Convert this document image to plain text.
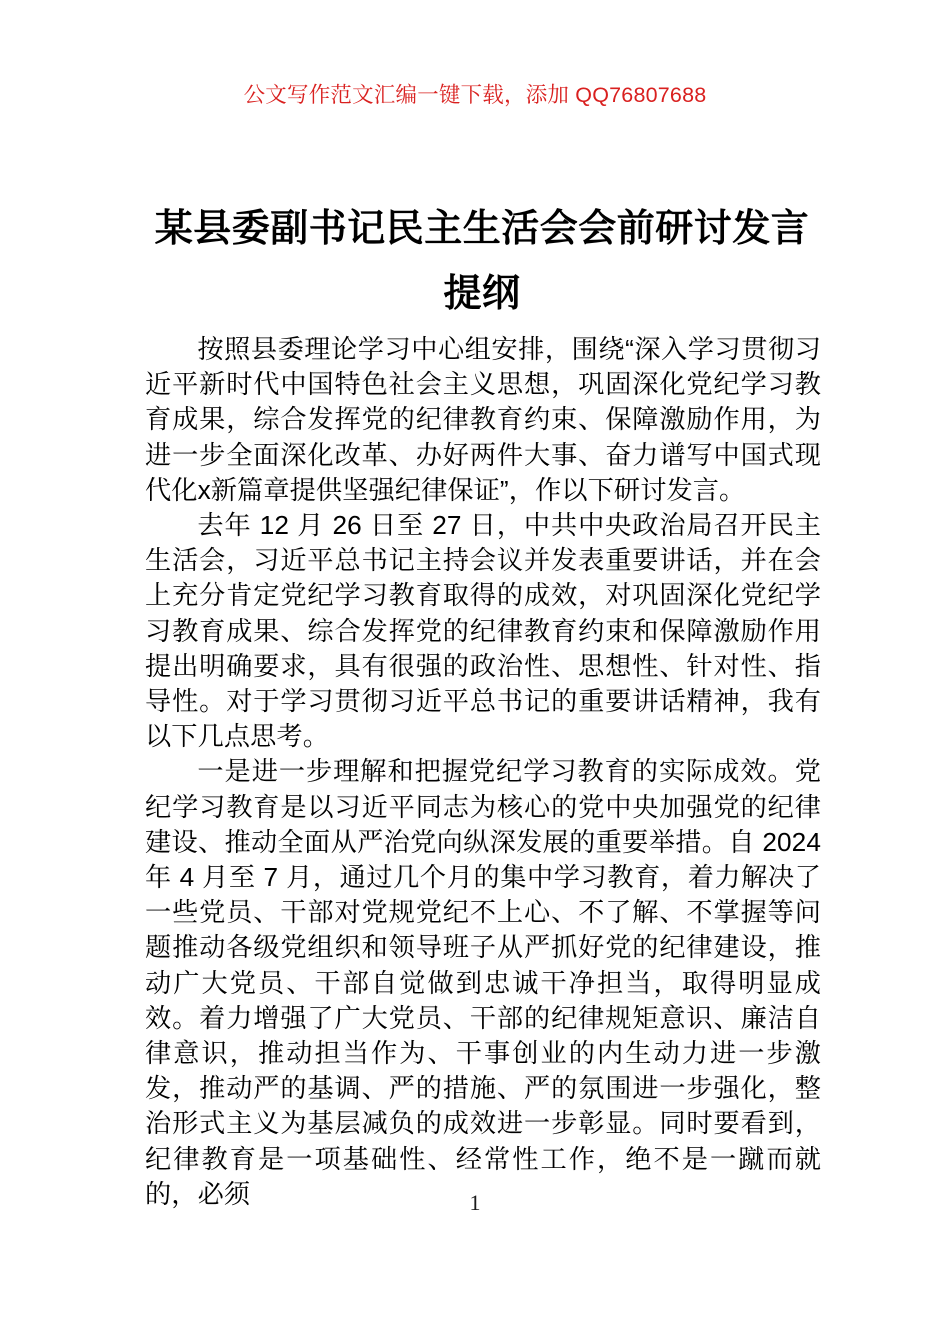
公文写作范文汇编一键下载，添加 QQ76807688
某县委副书记民主生活会会前研讨发言提纲

按照县委理论学习中心组安排，围绕“深入学习贯彻习近平新时代中国特色社会主义思想，巩固深化党纪学习教育成果，综合发挥党的纪律教育约束、保障激励作用，为进一步全面深化改革、办好两件大事、奋力谱写中国式现代化x新篇章提供坚强纪律保证”，作以下研讨发言。

去年 12 月 26 日至 27 日，中共中央政治局召开民主生活会，习近平总书记主持会议并发表重要讲话，并在会上充分肯定党纪学习教育取得的成效，对巩固深化党纪学习教育成果、综合发挥党的纪律教育约束和保障激励作用提出明确要求，具有很强的政治性、思想性、针对性、指导性。对于学习贯彻习近平总书记的重要讲话精神，我有以下几点思考。

一是进一步理解和把握党纪学习教育的实际成效。党纪学习教育是以习近平同志为核心的党中央加强党的纪律建设、推动全面从严治党向纵深发展的重要举措。自 2024 年 4 月至 7 月，通过几个月的集中学习教育，着力解决了一些党员、干部对党规党纪不上心、不了解、不掌握等问题推动各级党组织和领导班子从严抓好党的纪律建设，推动广大党员、干部自觉做到忠诚干净担当，取得明显成效。着力增强了广大党员、干部的纪律规矩意识、廉洁自律意识，推动担当作为、干事创业的内生动力进一步激发，推动严的基调、严的措施、严的氛围进一步强化，整治形式主义为基层减负的成效进一步彰显。同时要看到，纪律教育是一项基础性、经常性工作，绝不是一蹴而就的，必须	1
